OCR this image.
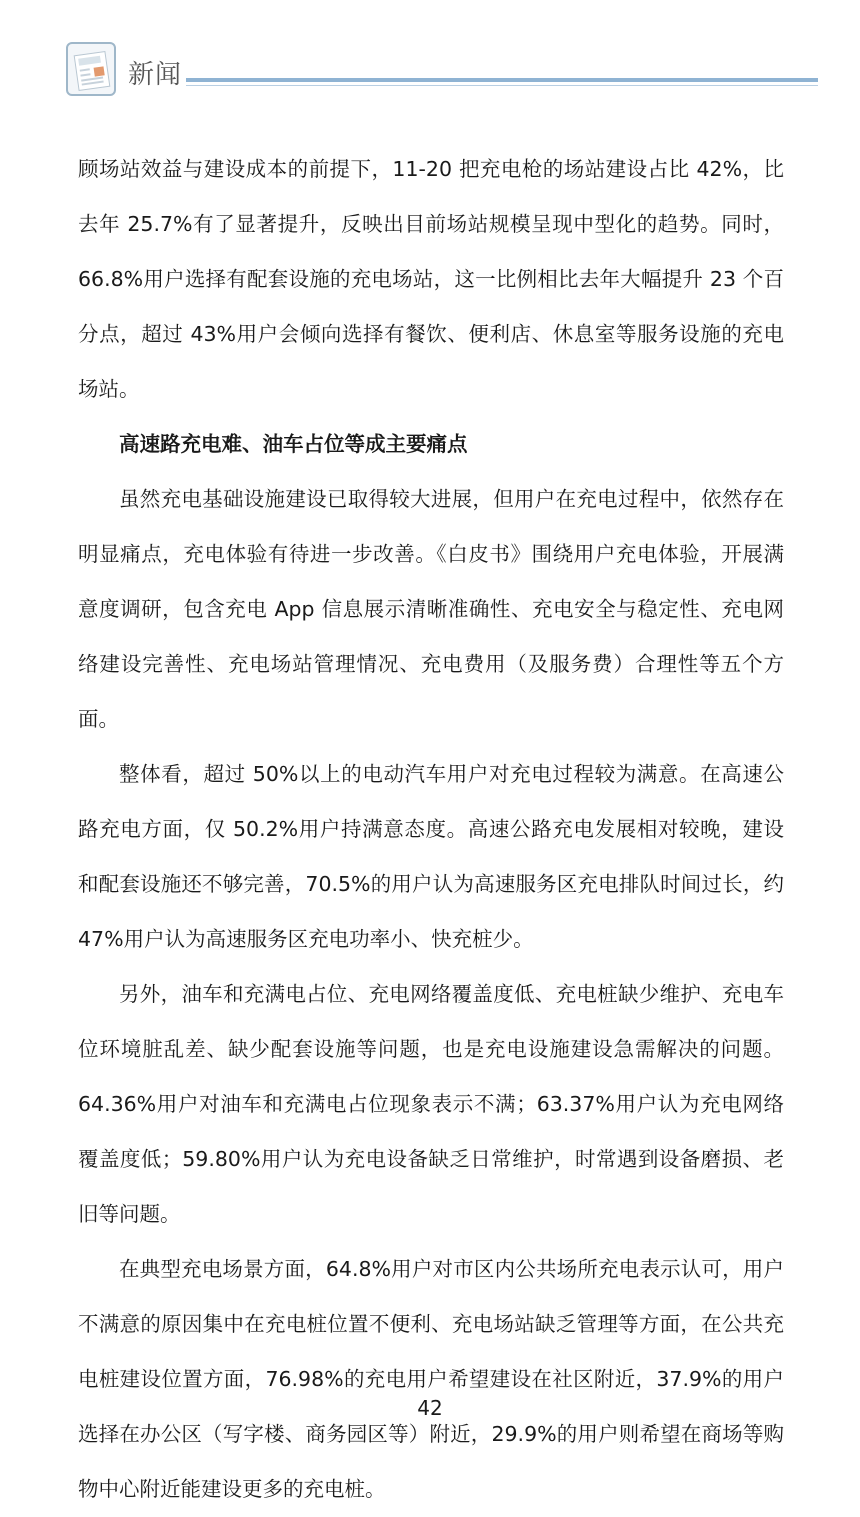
新闻

顾场站效益与建设成本的前提下，11-20 把充电枪的场站建设占比 42%，比去年 25.7%有了显著提升，反映出目前场站规模呈现中型化的趋势。同时，66.8%用户选择有配套设施的充电场站，这一比例相比去年大幅提升 23 个百分点，超过 43%用户会倾向选择有餐饮、便利店、休息室等服务设施的充电场站。

高速路充电难、油车占位等成主要痛点

虽然充电基础设施建设已取得较大进展，但用户在充电过程中，依然存在明显痛点，充电体验有待进一步改善。《白皮书》围绕用户充电体验，开展满意度调研，包含充电 App 信息展示清晰准确性、充电安全与稳定性、充电网络建设完善性、充电场站管理情况、充电费用（及服务费）合理性等五个方面。

整体看，超过 50%以上的电动汽车用户对充电过程较为满意。在高速公路充电方面，仅 50.2%用户持满意态度。高速公路充电发展相对较晚，建设和配套设施还不够完善，70.5%的用户认为高速服务区充电排队时间过长，约 47%用户认为高速服务区充电功率小、快充桩少。

另外，油车和充满电占位、充电网络覆盖度低、充电桩缺少维护、充电车位环境脏乱差、缺少配套设施等问题，也是充电设施建设急需解决的问题。64.36%用户对油车和充满电占位现象表示不满；63.37%用户认为充电网络覆盖度低；59.80%用户认为充电设备缺乏日常维护，时常遇到设备磨损、老旧等问题。

在典型充电场景方面，64.8%用户对市区内公共场所充电表示认可，用户不满意的原因集中在充电桩位置不便利、充电场站缺乏管理等方面，在公共充电桩建设位置方面，76.98%的充电用户希望建设在社区附近，37.9%的用户选择在办公区（写字楼、商务园区等）附近，29.9%的用户则希望在商场等购物中心附近能建设更多的充电桩。

42
